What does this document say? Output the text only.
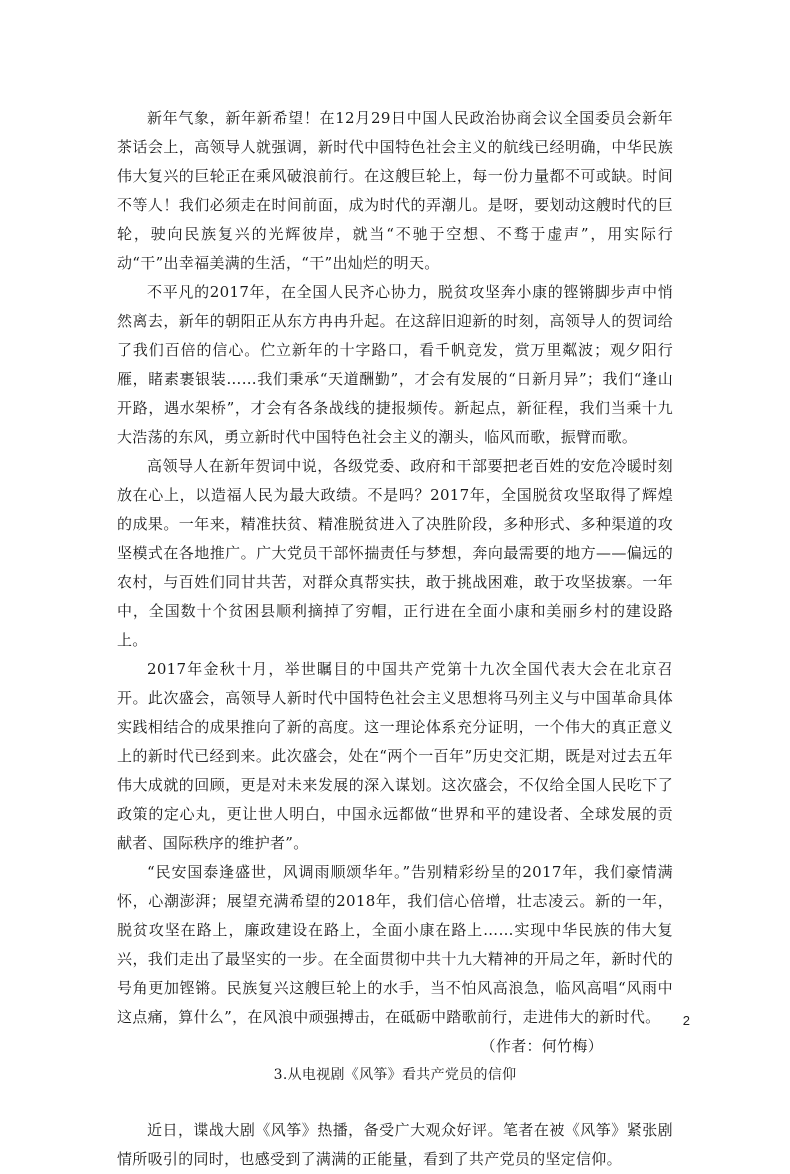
新年气象，新年新希望！在12月29日中国人民政治协商会议全国委员会新年茶话会上，高领导人就强调，新时代中国特色社会主义的航线已经明确，中华民族伟大复兴的巨轮正在乘风破浪前行。在这艘巨轮上，每一份力量都不可或缺。时间不等人！我们必须走在时间前面，成为时代的弄潮儿。是呀，要划动这艘时代的巨轮，驶向民族复兴的光辉彼岸，就当“不驰于空想、不骛于虚声”，用实际行动“干”出幸福美满的生活，“干”出灿烂的明天。

不平凡的2017年，在全国人民齐心协力，脱贫攻坚奔小康的铿锵脚步声中悄然离去，新年的朝阳正从东方冉冉升起。在这辞旧迎新的时刻，高领导人的贺词给了我们百倍的信心。伫立新年的十字路口，看千帆竞发，赏万里粼波；观夕阳行雁，睹素裹银装……我们秉承“天道酬勤”，才会有发展的“日新月异”；我们“逢山开路，遇水架桥”，才会有各条战线的捷报频传。新起点，新征程，我们当乘十九大浩荡的东风，勇立新时代中国特色社会主义的潮头，临风而歌，振臂而歌。

高领导人在新年贺词中说，各级党委、政府和干部要把老百姓的安危冷暖时刻放在心上，以造福人民为最大政绩。不是吗？2017年，全国脱贫攻坚取得了辉煌的成果。一年来，精准扶贫、精准脱贫进入了决胜阶段，多种形式、多种渠道的攻坚模式在各地推广。广大党员干部怀揣责任与梦想，奔向最需要的地方——偏远的农村，与百姓们同甘共苦，对群众真帮实扶，敢于挑战困难，敢于攻坚拔寨。一年中，全国数十个贫困县顺利摘掉了穷帽，正行进在全面小康和美丽乡村的建设路上。

2017年金秋十月，举世瞩目的中国共产党第十九次全国代表大会在北京召开。此次盛会，高领导人新时代中国特色社会主义思想将马列主义与中国革命具体实践相结合的成果推向了新的高度。这一理论体系充分证明，一个伟大的真正意义上的新时代已经到来。此次盛会，处在“两个一百年”历史交汇期，既是对过去五年伟大成就的回顾，更是对未来发展的深入谋划。这次盛会，不仅给全国人民吃下了政策的定心丸，更让世人明白，中国永远都做“世界和平的建设者、全球发展的贡献者、国际秩序的维护者”。

“民安国泰逢盛世，风调雨顺颂华年。”告别精彩纷呈的2017年，我们豪情满怀，心潮澎湃；展望充满希望的2018年，我们信心倍增，壮志凌云。新的一年，脱贫攻坚在路上，廉政建设在路上，全面小康在路上……实现中华民族的伟大复兴，我们走出了最坚实的一步。在全面贯彻中共十九大精神的开局之年，新时代的号角更加铿锵。民族复兴这艘巨轮上的水手，当不怕风高浪急，临风高唱“风雨中这点痛，算什么”，在风浪中顽强搏击，在砥砺中踏歌前行，走进伟大的新时代。

（作者：何竹梅）

3.从电视剧《风筝》看共产党员的信仰

近日，谍战大剧《风筝》热播，备受广大观众好评。笔者在被《风筝》紧张剧情所吸引的同时，也感受到了满满的正能量，看到了共产党员的坚定信仰。

2
